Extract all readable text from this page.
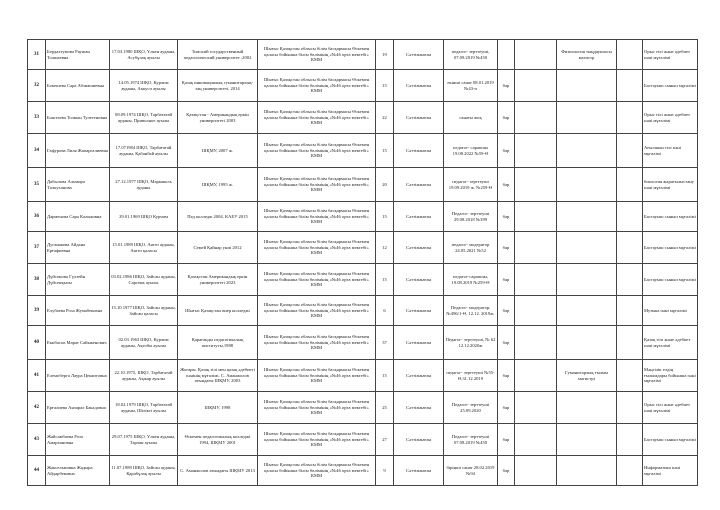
31	Бердахтумова Раушан Толшаевна	17.03.1980 ШҚО, Үлкен ауданы, Асубұлақ ауылы	Томский государственный педагогический университет ,2002	Шығыс Қазақстан облысы білім басқармасы Өскемен қаласы бойынша білім бөлімінің «№46 орта мектебі» КММ	19	Сәттімжаған	педагог- зерттеуші, 07.09.2019 №450			Физиология тыңдаушысы магистр		Орыс тілі және әдебиет пәні мұғалімі
32	Бокешева Сара Абзиашиевна	14.05.1974 ШҚО, Курчим ауданы, Аккусп ауылы	Қазақ инновациялық гуманитарлық-заң университеті, 2014	Шығыс Қазақстан облысы білім басқармасы Өскемен қаласы бойынша білім бөлімінің «№46 орта мектебі» КММ	15	Сәттімжаған	екінші санат 08.01.2019 №43-п	бар				Бастауыш сынып мұғалімі
33	Боштаева Толкын Тулегеновна	08.09.1974 ШҚО, Тарбағатай ауданы, Приволное ауылы	Қазақстан - Американдық еркін университеті 2003	Шығыс Қазақстан облысы білім басқармасы Өскемен қаласы бойынша білім бөлімінің «№46 орта мектебі» КММ	22	Сәттімжаған	санаты жоқ	бар				Орыс тілі және әдебиет пәні мұғалімі
34	Гафурова Лиля Жапаргалиевна	17.071984 ШҚО, Тарбағатай ауданы, Қабанбай ауылы	ШҚМУ, 2007 ж.	Шығыс Қазақстан облысы білім басқармасы Өскемен қаласы бойынша білім бөлімінің «№46 орта мектебі» КММ	15	Сәттімжаған	педагог- сарапшы 19.08.2022 №59-Ө	бар				Ағылшын тілі пәні мұғалімі
35	Дабылова Альмира Талкуханова	27.12.1977 ШҚО, Маркаколь ауданы	ШҚМУ, 1995 ж.	Шығыс Қазақстан облысы білім басқармасы Өскемен қаласы бойынша білім бөлімінің «№46 орта мектебі» КММ	20	Сәттімжаған	педагог- зерттеуші 19.09.2019 ж. №259-Ө	бар				биология жаратылыстану пәні мұғалімі
36	Дарменова Сара Калыковна	29.01.1969 ШҚО Курчим	Пед колледж 2004, КАЕУ 2015	Шығыс Қазақстан облысы білім басқармасы Өскемен қаласы бойынша білім бөлімінің «№46 орта мектебі» КММ	15	Сәттімжаған	Педагог- зерттеуші 29.08.2018 №399	бар				Бастауыш сынып мұғалімі
37	Дуганакова Айдана Ерғафиевна	15.01.1989 ШҚО, Аягөз ауданы, Аягөз қаласы	Семей Қайнар униі 2012	Шығыс Қазақстан облысы білім басқармасы Өскемен қаласы бойынша білім бөлімінің «№46 орта мектебі» КММ	12	Сәттімжаған	педагог- модератор 24.05.2021 №52	бар				Бастауыш сынып мұғалімі
38	Дүйсенова Гүлзейн Дүйсенқызы	03.02.1986 ШҚО, Зайсан ауданы, Сарсенк ауылы	Қазақстан Американдық еркін университеті 2023	Шығыс Қазақстан облысы білім басқармасы Өскемен қаласы бойынша білім бөлімінің «№46 орта мектебі» КММ	15	Сәттімжаған	педагог-сарапшы, 19.08.2019 №259-Ө	бар				Бастауыш сынып мұғалімі
39	Елубаева Роза Жумабековна	15.10.1977 ШҚО, Зайсан ауданы, Зайсан қаласы	Шығыс Қазақстан өнер колледжі	Шығыс Қазақстан облысы білім басқармасы Өскемен қаласы бойынша білім бөлімінің «№46 орта мектебі» КММ	6	Сәттімжаған	Педагог- модератор, №496/1-Ө, 12.12. 2019ж.	бар				Музыка пәні мұғалімі
40	Екибасов Марат Сайыкенович	02.03.1963 ШҚО, Курчим ауданы, Ақтобы ауылы	Қарағанды педагогикалық институты,1988	Шығыс Қазақстан облысы білім басқармасы Өскемен қаласы бойынша білім бөлімінің «№46 орта мектебі» КММ	37	Сәттімжаған	Педагог- зерттеуші, № 62 12.12.2020ж	бар				Қазақ тілі және әдебиет пәні мұғалімі
41	Елемоберга Лаура Цекаитовна	22.10.1975, ШҚО, Тарбағатай ауданы, Ақжар ауылы	Жоғары. Қазақ тілі мен қазақ әдебиеті пәнінің мұғалімі, С. Аманжолов атындағы ШҚМУ, 2003	Шығыс Қазақстан облысы білім басқармасы Өскемен қаласы бойынша білім бөлімінің «№46 орта мектебі» КММ	15	Сәттімжаған	педагог- зерттеуші №55-Ө,31.12.2019	бар		Гуманитарлық ғылым магистрі		Мәңгілік елдің ғылымдары бойынша пәні мұғалімі
42	Ерғалиева Анзарал Бакадовна	18.02.1979 ШҚО, Тарбағатай ауданы, Шілікті ауылы	ШҚМУ, 1998	Шығыс Қазақстан облысы білім басқармасы Өскемен қаласы бойынша білім бөлімінің «№46 орта мектебі» КММ	25	Сәттімжаған	Педагог- зерттеуші 25.09.2020	бар				Орыс тілі және әдебиет пәні мұғалімі
43	Жайсамбаева Роза Амархановна	29.07.1975 ШҚО, Үлкен ауданы, Тарчан ауылы	Өскемен педагогикалық колледжі 1994, ШҚМУ 2001	Шығыс Қазақстан облысы білім басқармасы Өскемен қаласы бойынша білім бөлімінің «№46 орта мектебі» КММ	27	Сәттімжаған	Педагог- зерттеуші 07.08.2019 №450	бар				Бастауыш сынып мұғалімі
44	Жаксельмовна Жадыра Айдарбековна	11.07.1989 ШҚО, Зайсан ауданы, Қарабұлақ ауылы	С. Аманжолов атындағы ШҚМУ 2013	Шығыс Қазақстан облысы білім басқармасы Өскемен қаласы бойынша білім бөлімінің «№46 орта мектебі» КММ	9	Сәттімжаған	бірінші санат 28.02.2019 №94	бар				Информатика пәні мұғалімі
